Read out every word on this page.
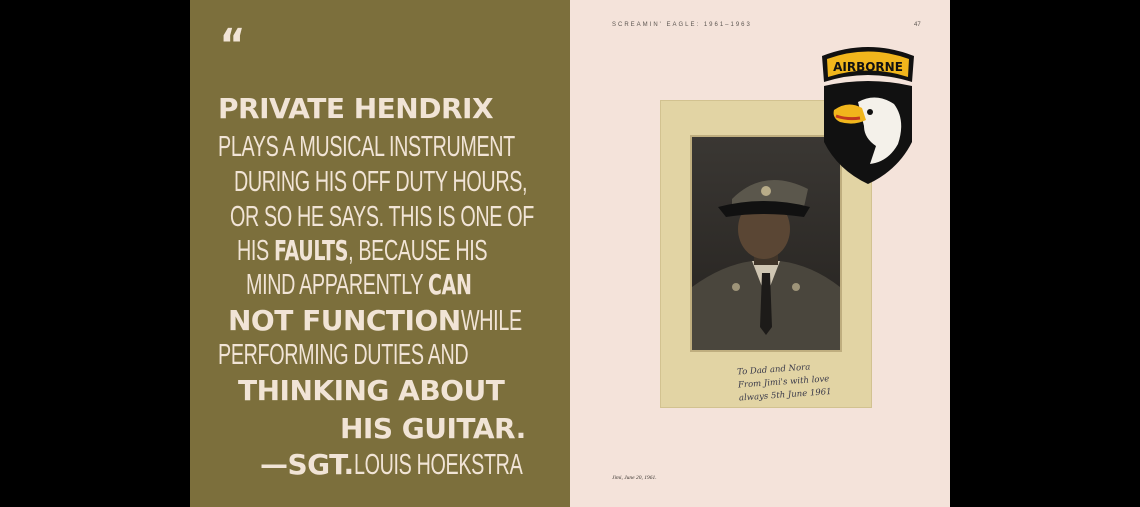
“
PRIVATE HENDRIX
PLAYS A MUSICAL INSTRUMENT
DURING HIS OFF DUTY HOURS,
OR SO HE SAYS. THIS IS ONE OF
HIS FAULTS, BECAUSE HIS
MIND APPARENTLY CAN
NOT FUNCTIONWHILE
PERFORMING DUTIES AND
THINKING ABOUT
HIS GUITAR.
—SGT.LOUIS HOEKSTRA
SCREAMIN' EAGLE: 1961–1963	47
To Dad and Nora
From Jimi's with love
always 5th June 1961
AIRBORNE
Jimi, June 20, 1961.
